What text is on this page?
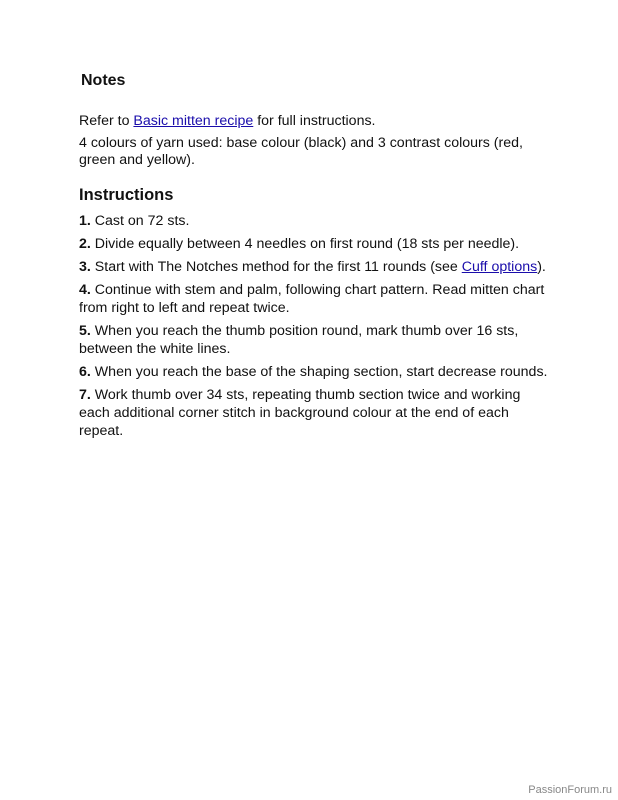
Notes

Refer to Basic mitten recipe for full instructions.

4 colours of yarn used: base colour (black) and 3 contrast colours (red, green and yellow).

Instructions
1. Cast on 72 sts.
2. Divide equally between 4 needles on first round (18 sts per needle).
3. Start with The Notches method for the first 11 rounds (see Cuff options).
4. Continue with stem and palm, following chart pattern. Read mitten chart from right to left and repeat twice.
5. When you reach the thumb position round, mark thumb over 16 sts, between the white lines.
6. When you reach the base of the shaping section, start decrease rounds.
7. Work thumb over 34 sts, repeating thumb section twice and working each additional corner stitch in background colour at the end of each repeat.
PassionForum.ru
